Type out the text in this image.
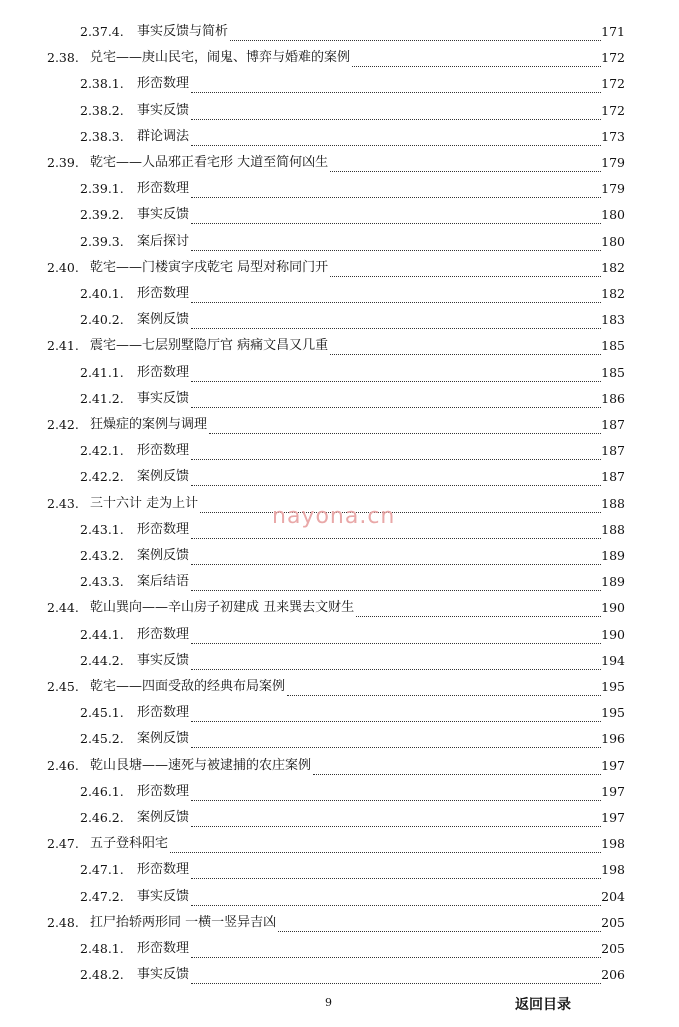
2.37.4. 事实反馈与简析	171
2.38. 兑宅——庚山民宅，闹鬼、博弈与婚难的案例	172
2.38.1. 形峦数理	172
2.38.2. 事实反馈	172
2.38.3. 群论调法	173
2.39. 乾宅——人品邪正看宅形 大道至简何凶生	179
2.39.1. 形峦数理	179
2.39.2. 事实反馈	180
2.39.3. 案后探讨	180
2.40. 乾宅——门楼寅字戌乾宅 局型对称同门开	182
2.40.1. 形峦数理	182
2.40.2. 案例反馈	183
2.41. 震宅——七层别墅隐厅官 病痛文昌又几重	185
2.41.1. 形峦数理	185
2.41.2. 事实反馈	186
2.42. 狂燥症的案例与调理	187
2.42.1. 形峦数理	187
2.42.2. 案例反馈	187
2.43. 三十六计 走为上计	188
2.43.1. 形峦数理	188
2.43.2. 案例反馈	189
2.43.3. 案后结语	189
2.44. 乾山巽向——辛山房子初建成 丑来巽去文财生	190
2.44.1. 形峦数理	190
2.44.2. 事实反馈	194
2.45. 乾宅——四面受敌的经典布局案例	195
2.45.1. 形峦数理	195
2.45.2. 案例反馈	196
2.46. 乾山艮塘——速死与被逮捕的农庄案例	197
2.46.1. 形峦数理	197
2.46.2. 案例反馈	197
2.47. 五子登科阳宅	198
2.47.1. 形峦数理	198
2.47.2. 事实反馈	204
2.48. 扛尸抬轿两形同 一横一竖异吉凶	205
2.48.1. 形峦数理	205
2.48.2. 事实反馈	206
nayona.cn
9	返回目录
